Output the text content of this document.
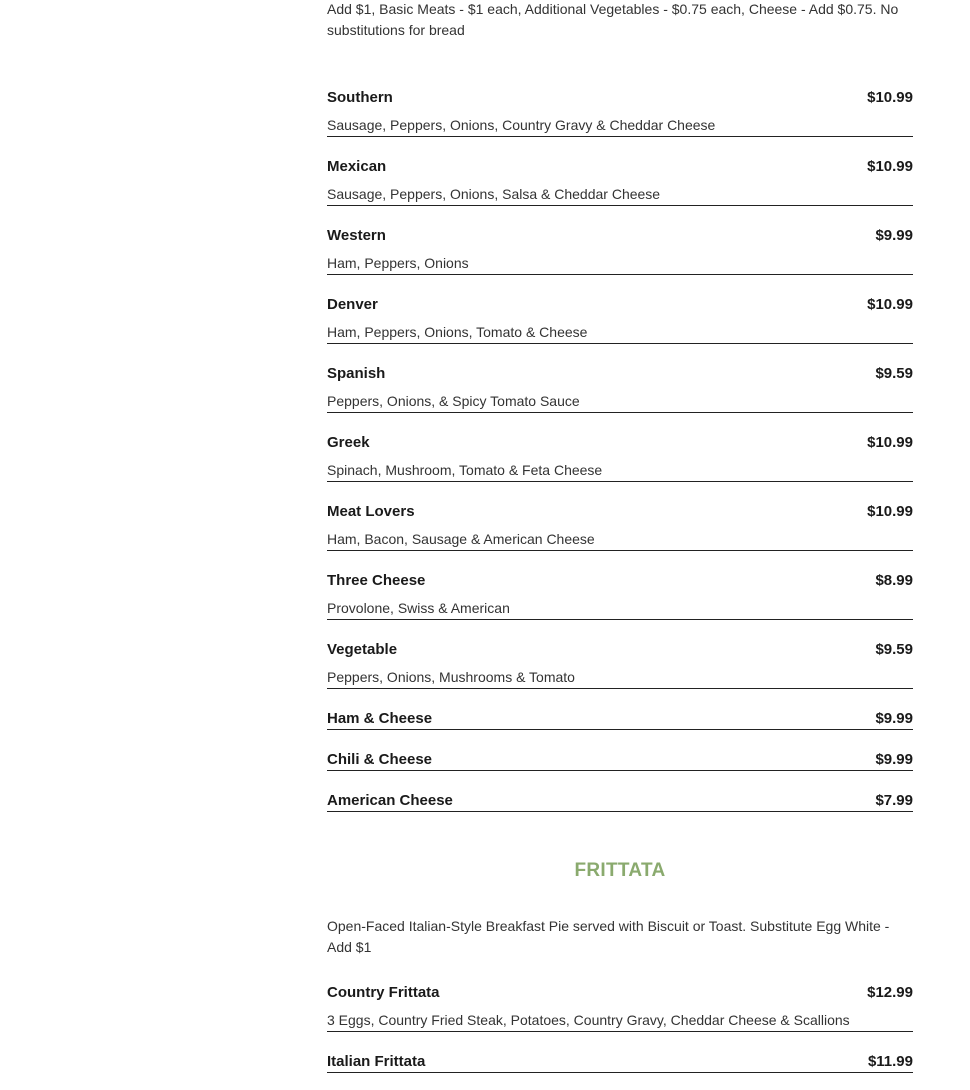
Add $1, Basic Meats - $1 each, Additional Vegetables - $0.75 each, Cheese - Add $0.75. No substitutions for bread

Southern	$10.99
Sausage, Peppers, Onions, Country Gravy & Cheddar Cheese
Mexican	$10.99
Sausage, Peppers, Onions, Salsa & Cheddar Cheese
Western	$9.99
Ham, Peppers, Onions
Denver	$10.99
Ham, Peppers, Onions, Tomato & Cheese
Spanish	$9.59
Peppers, Onions, & Spicy Tomato Sauce
Greek	$10.99
Spinach, Mushroom, Tomato & Feta Cheese
Meat Lovers	$10.99
Ham, Bacon, Sausage & American Cheese
Three Cheese	$8.99
Provolone, Swiss & American
Vegetable	$9.59
Peppers, Onions, Mushrooms & Tomato
Ham & Cheese	$9.99
Chili & Cheese	$9.99
American Cheese	$7.99
FRITTATA
Open-Faced Italian-Style Breakfast Pie served with Biscuit or Toast. Substitute Egg White - Add $1
Country Frittata	$12.99
3 Eggs, Country Fried Steak, Potatoes, Country Gravy, Cheddar Cheese & Scallions
Italian Frittata	$11.99
